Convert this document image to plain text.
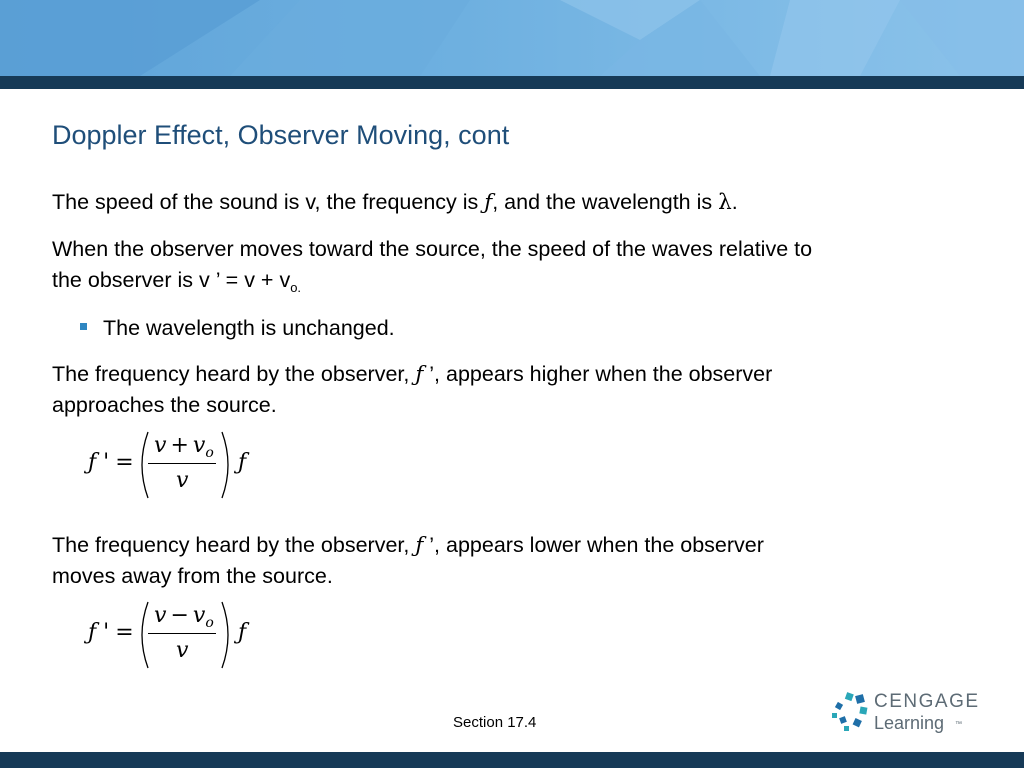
Doppler Effect, Observer Moving, cont

The speed of the sound is v, the frequency is ƒ, and the wavelength is λ.

When the observer moves toward the source, the speed of the waves relative to
the observer is v ’ = $v + v_{o.}$

The wavelength is unchanged.

The frequency heard by the observer, ƒ ’, appears higher when the observer
approaches the source.

ƒ ' =
$v + v_o$
v
ƒ

The frequency heard by the observer, ƒ ’, appears lower when the observer
moves away from the source.

ƒ ' =
$v - v_o$
v
ƒ
Section 17.4
CENGAGE
Learning ™
